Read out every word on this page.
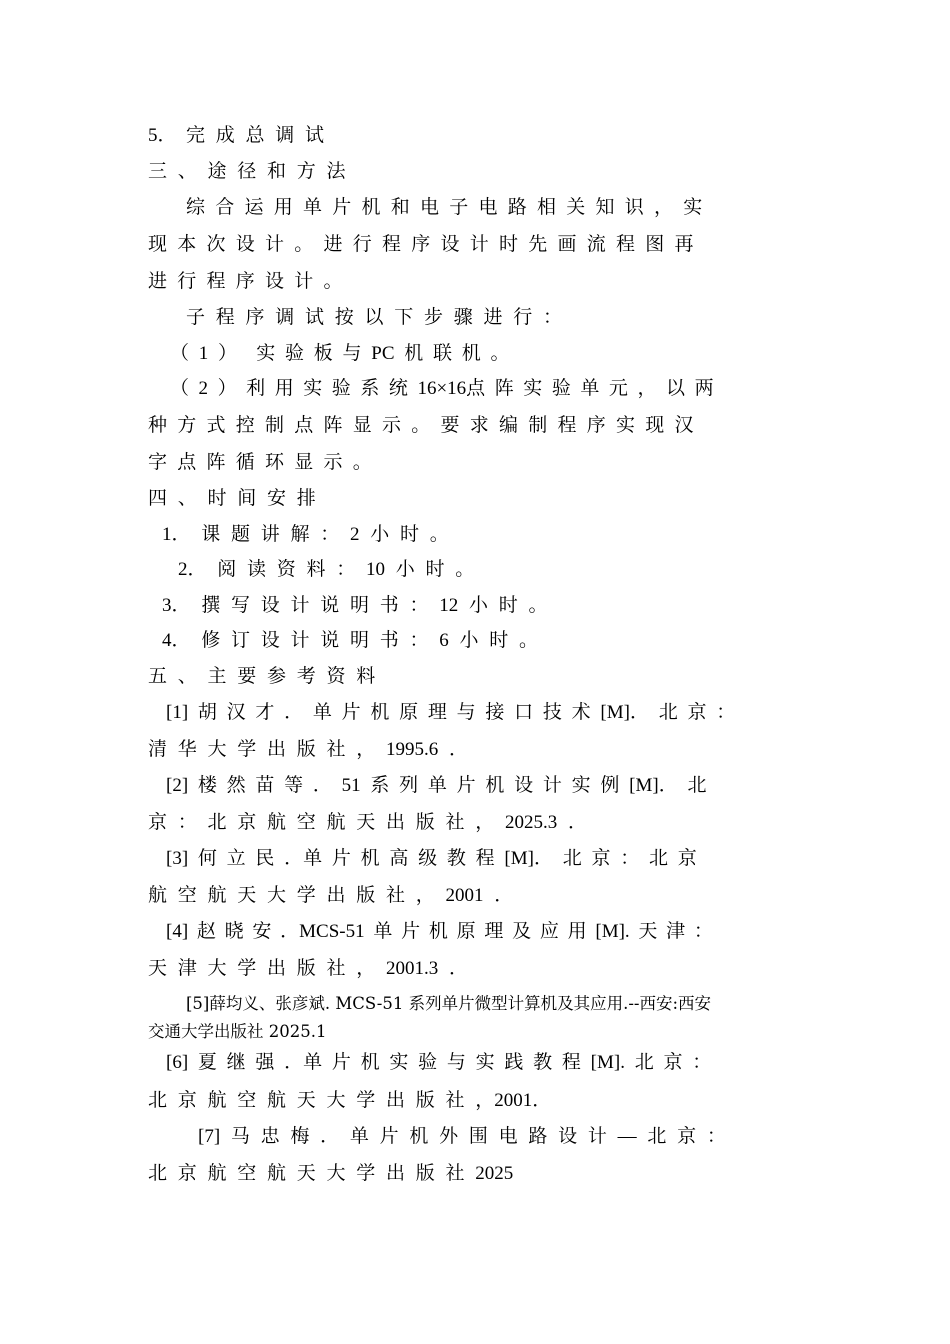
5．　完 成 总 调 试
三 、 途 径 和 方 法
综 合 运 用 单 片 机 和 电 子 电 路 相 关 知 识 ， 实
现 本 次 设 计 。 进 行 程 序 设 计 时 先 画 流 程 图 再
进 行 程 序 设 计 。
子 程 序 调 试 按 以 下 步 骤 进 行 ：
（ 1 ）　 实 验 板 与 PC 机 联 机 。
（ 2 ） 利 用 实 验 系 统 16×16点 阵 实 验 单 元 ， 以 两
种 方 式 控 制 点 阵 显 示 。 要 求 编 制 程 序 实 现 汉
字 点 阵 循 环 显 示 。
四 、 时 间 安 排
1． 课 题 讲 解 ： 2 小 时 。
2． 阅 读 资 料 ： 10 小 时 。
3． 撰 写 设 计 说 明 书 ： 12 小 时 。
4． 修 订 设 计 说 明 书 ： 6 小 时 。
五 、 主 要 参 考 资 料
[1] 胡 汉 才 ． 单 片 机 原 理 与 接 口 技 术 [M]． 北 京 ：
清 华 大 学 出 版 社 ， 1995.6 ．
[2] 楼 然 苗 等 ． 51 系 列 单 片 机 设 计 实 例 [M]． 北
京 ： 北 京 航 空 航 天 出 版 社 ， 2025.3 ．
[3] 何 立 民 ．单 片 机 高 级 教 程 [M]． 北 京 ： 北 京
航 空 航 天 大 学 出 版 社 ， 2001 ．
[4] 赵 晓 安 ．MCS-51 单 片 机 原 理 及 应 用 [M]. 天 津 ：
天 津 大 学 出 版 社 ， 2001.3 ．
[5]薛均义、张彦斌. MCS-51 系列单片微型计算机及其应用.--西安:西安
交通大学出版社 2025.1
[6] 夏 继 强 ．单 片 机 实 验 与 实 践 教 程 [M]. 北 京 ：
北 京 航 空 航 天 大 学 出 版 社 ，2001．
[7] 马 忠 梅 ． 单 片 机 外 围 电 路 设 计 — 北 京 ：
北 京 航 空 航 天 大 学 出 版 社 2025
